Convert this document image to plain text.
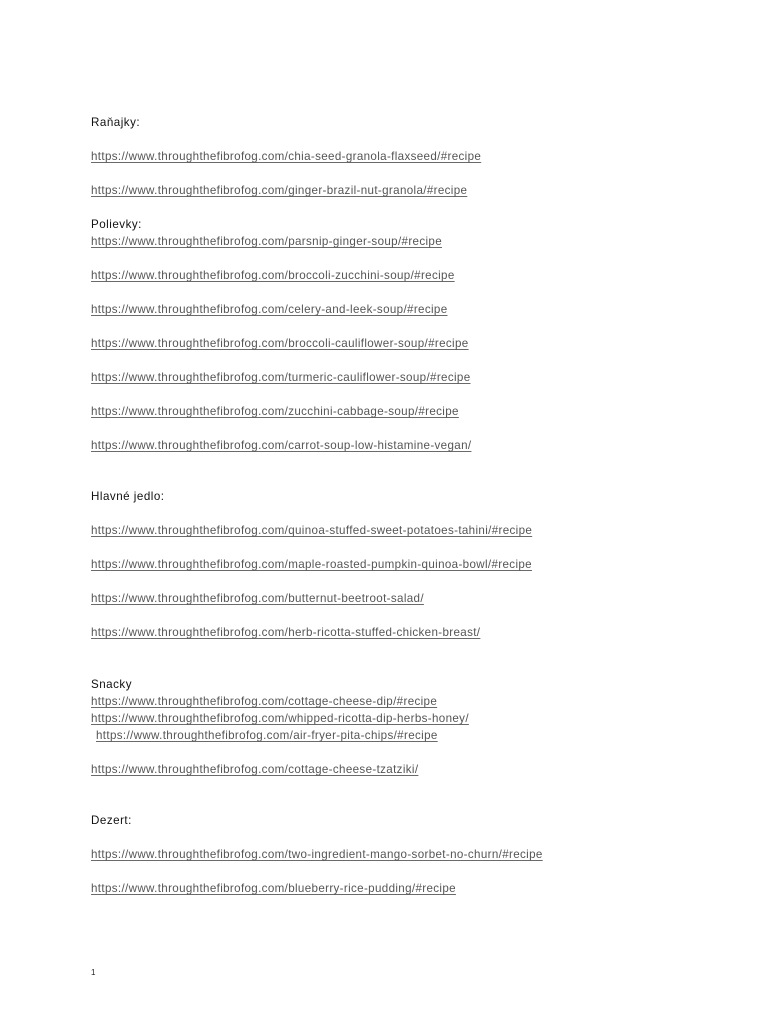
Raňajky:
https://www.throughthefibrofog.com/chia-seed-granola-flaxseed/#recipe
https://www.throughthefibrofog.com/ginger-brazil-nut-granola/#recipe
Polievky:
https://www.throughthefibrofog.com/parsnip-ginger-soup/#recipe
https://www.throughthefibrofog.com/broccoli-zucchini-soup/#recipe
https://www.throughthefibrofog.com/celery-and-leek-soup/#recipe
https://www.throughthefibrofog.com/broccoli-cauliflower-soup/#recipe
https://www.throughthefibrofog.com/turmeric-cauliflower-soup/#recipe
https://www.throughthefibrofog.com/zucchini-cabbage-soup/#recipe
https://www.throughthefibrofog.com/carrot-soup-low-histamine-vegan/
Hlavné jedlo:
https://www.throughthefibrofog.com/quinoa-stuffed-sweet-potatoes-tahini/#recipe
https://www.throughthefibrofog.com/maple-roasted-pumpkin-quinoa-bowl/#recipe
https://www.throughthefibrofog.com/butternut-beetroot-salad/
https://www.throughthefibrofog.com/herb-ricotta-stuffed-chicken-breast/
Snacky
https://www.throughthefibrofog.com/cottage-cheese-dip/#recipe
https://www.throughthefibrofog.com/whipped-ricotta-dip-herbs-honey/
https://www.throughthefibrofog.com/air-fryer-pita-chips/#recipe
https://www.throughthefibrofog.com/cottage-cheese-tzatziki/
Dezert:
https://www.throughthefibrofog.com/two-ingredient-mango-sorbet-no-churn/#recipe
https://www.throughthefibrofog.com/blueberry-rice-pudding/#recipe
1
